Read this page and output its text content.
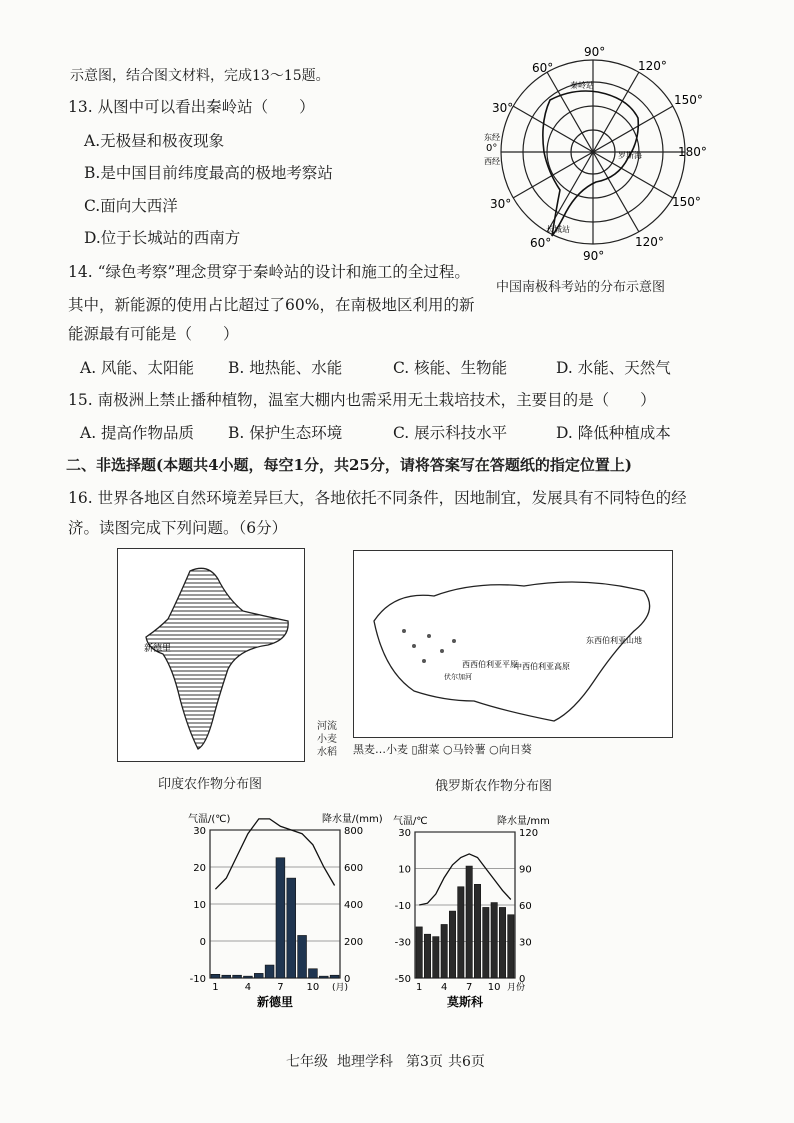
示意图，结合图文材料，完成13～15题。
13. 从图中可以看出秦岭站（　　）
A.无极昼和极夜现象
B.是中国目前纬度最高的极地考察站
C.面向大西洋
D.位于长城站的西南方
14. “绿色考察”理念贯穿于秦岭站的设计和施工的全过程。
其中，新能源的使用占比超过了60%，在南极地区利用的新
能源最有可能是（　　）
A. 风能、太阳能 B. 地热能、水能	C. 核能、生物能	D. 水能、天然气
15. 南极洲上禁止播种植物，温室大棚内也需采用无土栽培技术，主要目的是（　　）
A. 提高作物品质 B. 保护生态环境	C. 展示科技水平	D. 降低种植成本
二、非选择题(本题共4小题，每空1分，共25分，请将答案写在答题纸的指定位置上)
16. 世界各地区自然环境差异巨大，各地依托不同条件，因地制宜，发展具有不同特色的经
济。读图完成下列问题。（6分）
60°
90°
120°
150°
30°
180°
30°	150°
60°
90°
120°
东经
0°
西经
秦岭站
罗斯海
长城站
中国南极科考站的分布示意图
新德里
河流
小麦
水稻
印度农作物分布图
西西伯利亚平原
中西伯利亚高原
东西伯利亚山地
伏尔加河
黑麦…小麦 ▯甜菜 ○马铃薯 ○向日葵
俄罗斯农作物分布图
30
20
10
0
-10
800
600
400
200
0
1	4	7 10 (月)
气温/(℃)	降水量/(mm)
新德里
30
10
-10
-30
-50
120
90
60
30
0
1 4 7 10 月份
气温/℃	降水量/mm
莫斯科
七年级 地理学科 第3页 共6页
